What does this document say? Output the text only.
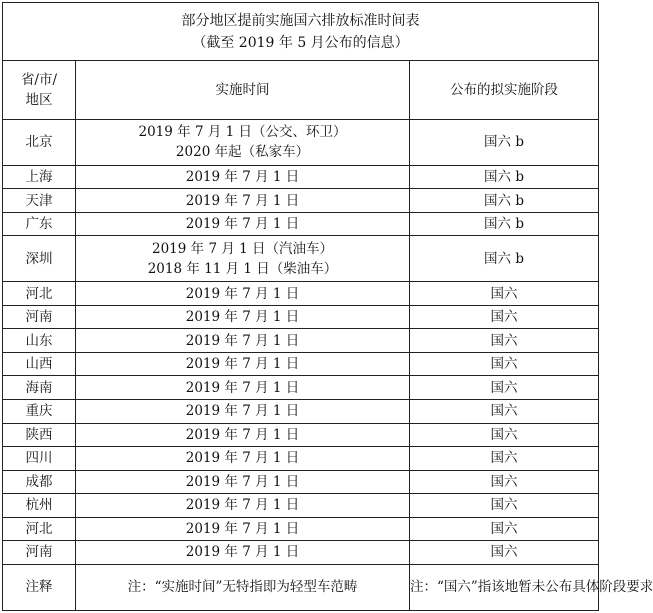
部分地区提前实施国六排放标准时间表
（截至 2019 年 5 月公布的信息）		

省/市/
地区	实施时间	公布的拟实施阶段
北京	2019 年 7 月 1 日（公交、环卫）
2020 年起（私家车）	国六 b
上海	2019 年 7 月 1 日	国六 b
天津	2019 年 7 月 1 日	国六 b
广东	2019 年 7 月 1 日	国六 b
深圳	2019 年 7 月 1 日（汽油车）
2018 年 11 月 1 日（柴油车）	国六 b
河北	2019 年 7 月 1 日	国六
河南	2019 年 7 月 1 日	国六
山东	2019 年 7 月 1 日	国六
山西	2019 年 7 月 1 日	国六
海南	2019 年 7 月 1 日	国六
重庆	2019 年 7 月 1 日	国六
陕西	2019 年 7 月 1 日	国六
四川	2019 年 7 月 1 日	国六
成都	2019 年 7 月 1 日	国六
杭州	2019 年 7 月 1 日	国六
河北	2019 年 7 月 1 日	国六
河南	2019 年 7 月 1 日	国六
注释	注：“实施时间”无特指即为轻型车范畴	注：“国六”指该地暂未公布具体阶段要求
